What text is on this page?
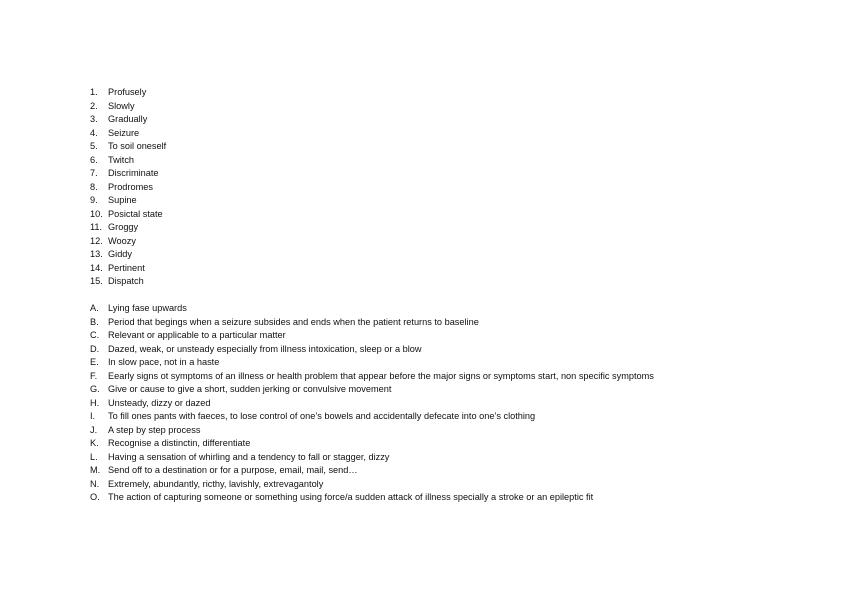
1.	Profusely
2.	Slowly
3.	Gradually
4.	Seizure
5.	To soil oneself
6.	Twitch
7.	Discriminate
8.	Prodromes
9.	Supine
10. Posictal state
11. Groggy
12. Woozy
13. Giddy
14. Pertinent
15. Dispatch
A.	Lying fase upwards
B.	Period that begings when a seizure subsides and ends when the patient returns to baseline
C. Relevant or applicable to a particular matter
D. Dazed, weak, or unsteady especially from illness intoxication, sleep or a blow
E.	In slow pace, not in a haste
F.	Eearly signs ot symptoms of an illness or health problem that appear before the major signs or symptoms start, non specific symptoms
G. Give or cause to give a short, sudden jerking or convulsive movement
H. Unsteady, dizzy or dazed
I.	To fill ones pants with faeces, to lose control of one’s bowels and accidentally defecate into one’s clothing
J.	A step by step process
K.	Recognise a distinctin, differentiate
L.	Having a sensation of whirling and a tendency to fall or stagger, dizzy
M. Send off to a destination or for a purpose, email, mail, send…
N. Extremely, abundantly, ricthy, lavishly, extrevagantoly
O. The action of capturing someone or something using force/a sudden attack of illness specially a stroke or an epileptic fit
